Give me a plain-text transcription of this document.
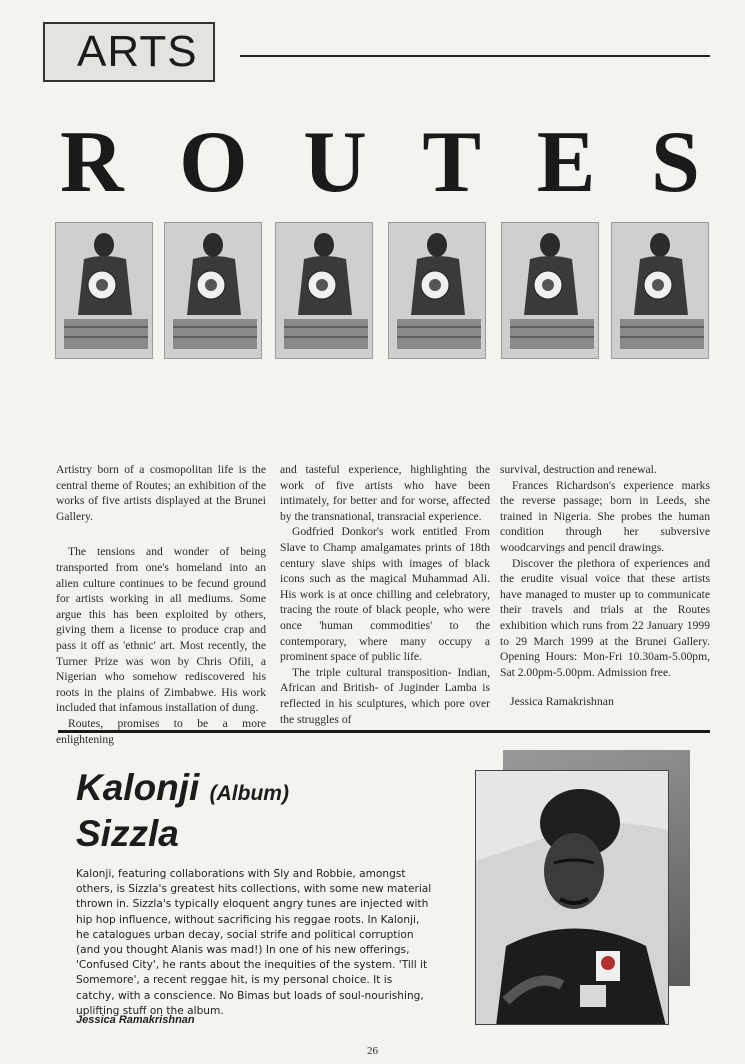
ARTS
R O U T E S

Artistry born of a cosmopolitan life is the central theme of Routes; an exhibition of the works of five artists displayed at the Brunei Gallery.

The tensions and wonder of being transported from one's homeland into an alien culture continues to be fecund ground for artists working in all mediums. Some argue this has been exploited by others, giving them a license to produce crap and pass it off as 'ethnic' art. Most recently, the Turner Prize was won by Chris Ofili, a Nigerian who somehow rediscovered his roots in the plains of Zimbabwe. His work included that infamous installation of dung.

Routes, promises to be a more enlightening

and tasteful experience, highlighting the work of five artists who have been intimately, for better and for worse, affected by the transnational, transracial experience.

Godfried Donkor's work entitled From Slave to Champ amalgamates prints of 18th century slave ships with images of black icons such as the magical Muhammad Ali. His work is at once chilling and celebratory, tracing the route of black people, who were once 'human commodities' to the contemporary, where many occupy a prominent space of public life.

The triple cultural transposition- Indian, African and British- of Juginder Lamba is reflected in his sculptures, which pore over the struggles of

survival, destruction and renewal.

Frances Richardson's experience marks the reverse passage; born in Leeds, she trained in Nigeria. She probes the human condition through her subversive woodcarvings and pencil drawings.

Discover the plethora of experiences and the erudite visual voice that these artists have managed to muster up to communicate their travels and trials at the Routes exhibition which runs from 22 January 1999 to 29 March 1999 at the Brunei Gallery. Opening Hours: Mon-Fri 10.30am-5.00pm, Sat 2.00pm-5.00pm. Admission free.

Jessica Ramakrishnan

Kalonji (Album)
Sizzla

Kalonji, featuring collaborations with Sly and Robbie, amongst others, is Sizzla's greatest hits collections, with some new material thrown in. Sizzla's typically eloquent angry tunes are injected with hip hop influence, without sacrificing his reggae roots. In Kalonji, he catalogues urban decay, social strife and political corruption (and you thought Alanis was mad!) In one of his new offerings, 'Confused City', he rants about the inequities of the system. 'Till it Somemore', a recent reggae hit, is my personal choice. It is catchy, with a conscience. No Bimas but loads of soul-nourishing, uplifting stuff on the album.

Jessica Ramakrishnan
26
